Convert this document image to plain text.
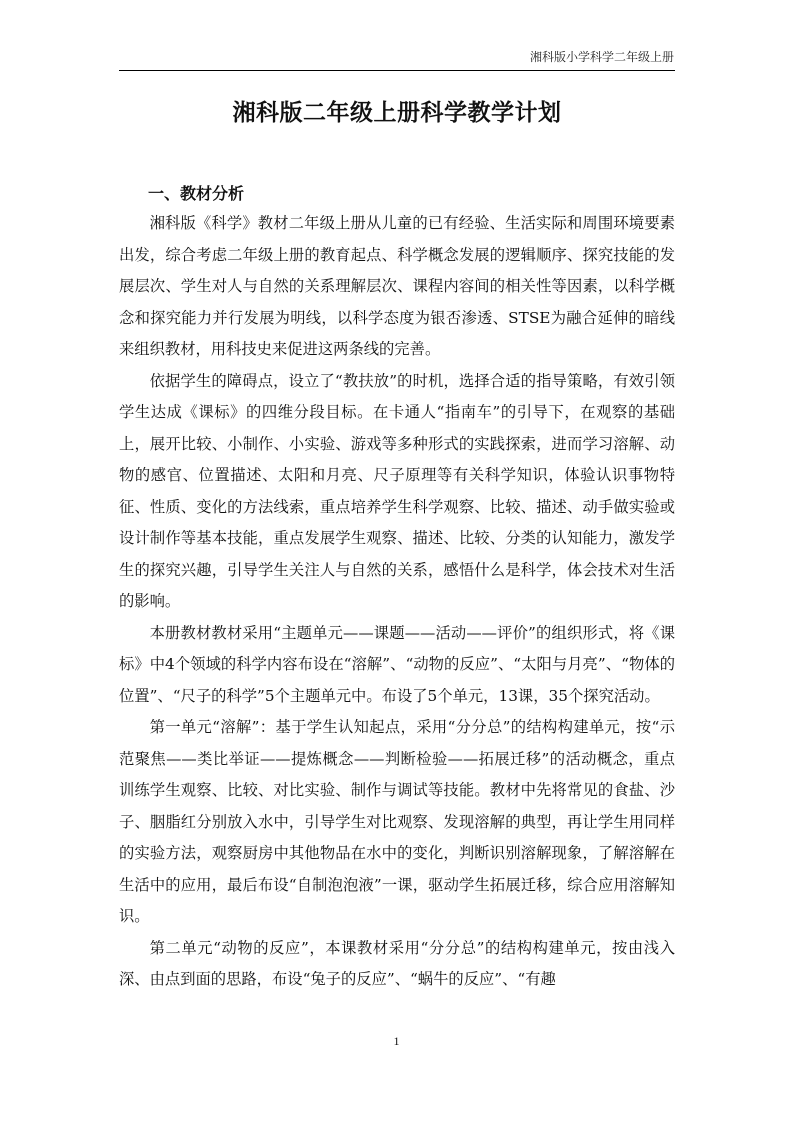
湘科版小学科学二年级上册
湘科版二年级上册科学教学计划
一、教材分析

湘科版《科学》教材二年级上册从儿童的已有经验、生活实际和周围环境要素出发，综合考虑二年级上册的教育起点、科学概念发展的逻辑顺序、探究技能的发展层次、学生对人与自然的关系理解层次、课程内容间的相关性等因素，以科学概念和探究能力并行发展为明线，以科学态度为银否渗透、STSE为融合延伸的暗线来组织教材，用科技史来促进这两条线的完善。

依据学生的障碍点，设立了“教扶放”的时机，选择合适的指导策略，有效引领学生达成《课标》的四维分段目标。在卡通人“指南车”的引导下，在观察的基础上，展开比较、小制作、小实验、游戏等多种形式的实践探索，进而学习溶解、动物的感官、位置描述、太阳和月亮、尺子原理等有关科学知识，体验认识事物特征、性质、变化的方法线索，重点培养学生科学观察、比较、描述、动手做实验或设计制作等基本技能，重点发展学生观察、描述、比较、分类的认知能力，激发学生的探究兴趣，引导学生关注人与自然的关系，感悟什么是科学，体会技术对生活的影响。

本册教材教材采用“主题单元——课题——活动——评价”的组织形式，将《课标》中4个领域的科学内容布设在“溶解”、“动物的反应”、“太阳与月亮”、“物体的位置”、“尺子的科学”5个主题单元中。布设了5个单元，13课，35个探究活动。

第一单元“溶解”：基于学生认知起点，采用“分分总”的结构构建单元，按“示范聚焦——类比举证——提炼概念——判断检验——拓展迁移”的活动概念，重点训练学生观察、比较、对比实验、制作与调试等技能。教材中先将常见的食盐、沙子、胭脂红分别放入水中，引导学生对比观察、发现溶解的典型，再让学生用同样的实验方法，观察厨房中其他物品在水中的变化，判断识别溶解现象，了解溶解在生活中的应用，最后布设“自制泡泡液”一课，驱动学生拓展迁移，综合应用溶解知识。

第二单元“动物的反应”，本课教材采用“分分总”的结构构建单元，按由浅入深、由点到面的思路，布设“兔子的反应”、“蜗牛的反应”、“有趣

1
